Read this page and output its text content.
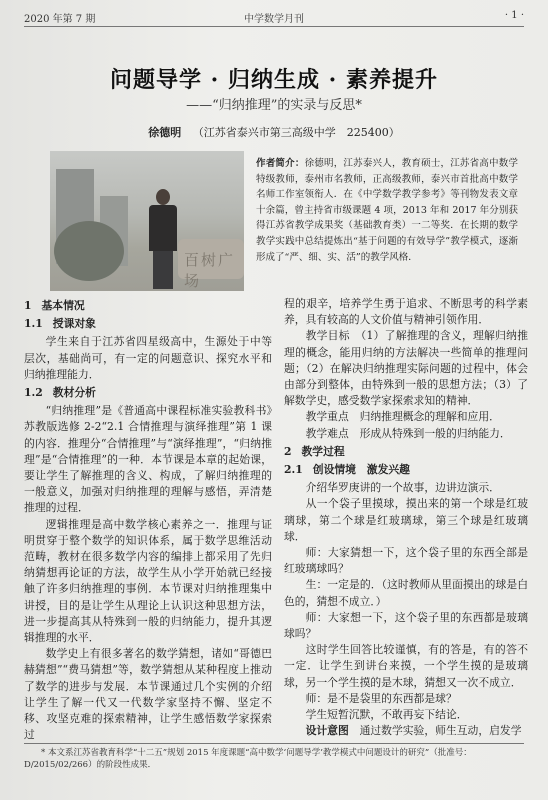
2020 年第 7 期	中学数学月刊	· 1 ·
问题导学 · 归纳生成 · 素养提升
——“归纳推理”的实录与反思*
徐德明 （江苏省泰兴市第三高级中学　225400）
百树广场
作者简介：徐德明，江苏泰兴人，教育硕士，江苏省高中数学特级教师，泰州市名教师，正高级教师，泰兴市首批高中数学名师工作室领衔人．在《中学数学教学参考》等刊物发表文章十余篇，曾主持省市级课题 4 项，2013 年和 2017 年分别获得江苏省教学成果奖（基础教育类）一二等奖．在长期的数学教学实践中总结提炼出“基于问题的有效导学”教学模式，逐渐形成了“严、细、实、活”的教学风格．
1 基本情况
1.1 授课对象

学生来自于江苏省四星级高中，生源处于中等层次，基础尚可，有一定的问题意识、探究水平和归纳推理能力．

1.2 教材分析

“归纳推理”是《普通高中课程标准实验教科书》苏教版选修 2-2“2.1 合情推理与演绎推理”第 1 课的内容．推理分“合情推理”与“演绎推理”，“归纳推理”是“合情推理”的一种．本节课是本章的起始课，要让学生了解推理的含义、构成，了解归纳推理的一般意义，加强对归纳推理的理解与感悟，弄清楚推理的过程．

逻辑推理是高中数学核心素养之一．推理与证明贯穿于整个数学的知识体系，属于数学思维活动范畴，教材在很多数学内容的编排上都采用了先归纳猜想再论证的方法，故学生从小学开始就已经接触了许多归纳推理的事例．本节课对归纳推理集中讲授，目的是让学生从理论上认识这种思想方法，进一步提高其从特殊到一般的归纳能力，提升其逻辑推理的水平．

数学史上有很多著名的数学猜想，诸如“哥德巴赫猜想”“费马猜想”等，数学猜想从某种程度上推动了数学的进步与发展．本节课通过几个实例的介绍让学生了解一代又一代数学家坚持不懈、坚定不移、攻坚克难的探索精神，让学生感悟数学家探索过

程的艰辛，培养学生勇于追求、不断思考的科学素养，具有较高的人文价值与精神引领作用．

教学目标　 （1）了解推理的含义，理解归纳推理的概念，能用归纳的方法解决一些简单的推理问题；（2）在解决归纳推理实际问题的过程中，体会由部分到整体，由特殊到一般的思想方法；（3）了解数学史，感受数学家探索求知的精神．

教学重点　 归纳推理概念的理解和应用．

教学难点　 形成从特殊到一般的归纳能力．

2 教学过程
2.1 创设情境　激发兴趣

介绍华罗庚讲的一个故事，边讲边演示．

从一个袋子里摸球，摸出来的第一个球是红玻璃球，第二个球是红玻璃球，第三个球是红玻璃球．

师：大家猜想一下，这个袋子里的东西全部是红玻璃球吗？

生：一定是的．（这时教师从里面摸出的球是白色的，猜想不成立．）

师：大家想一下，这个袋子里的东西都是玻璃球吗？

这时学生回答比较谨慎，有的答是，有的答不一定．让学生到讲台来摸，一个学生摸的是玻璃球，另一个学生摸的是木球，猜想又一次不成立．

师：是不是袋里的东西都是球？

学生短暂沉默，不敢再妄下结论．

设计意图　 通过数学实验，师生互动，启发学

* 本文系江苏省教育科学“十二五”规划 2015 年度课题“高中数学‘问题导学’教学模式中问题设计的研究”（批准号：D/2015/02/266）的阶段性成果．
